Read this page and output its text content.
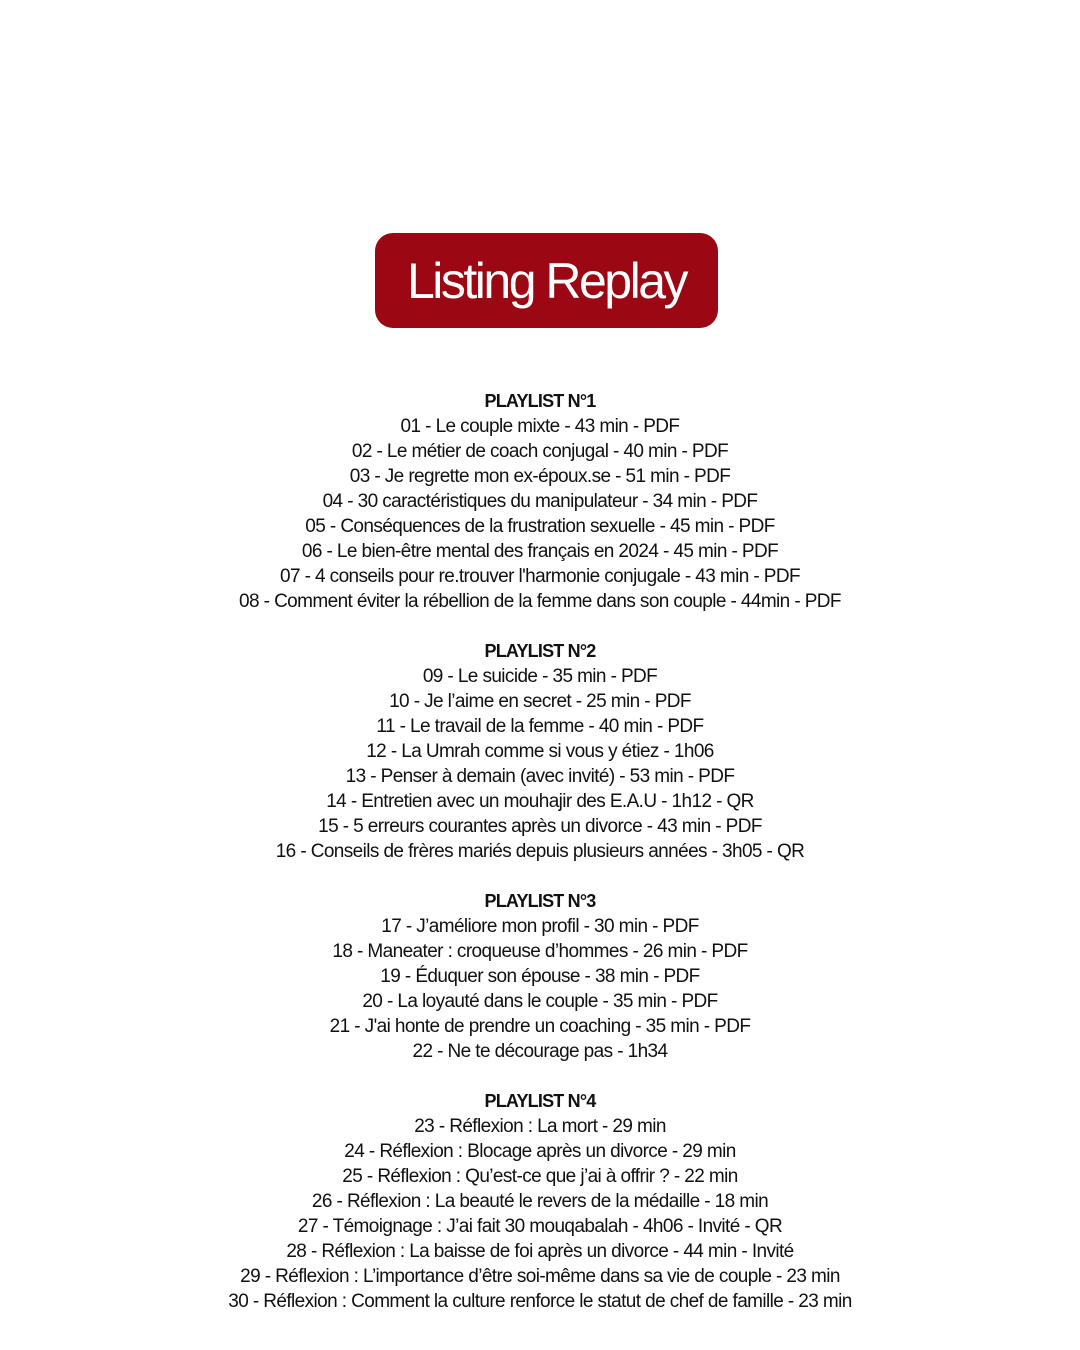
Listing Replay
PLAYLIST N°1
01 - Le couple mixte - 43 min - PDF
02 - Le métier de coach conjugal - 40 min - PDF
03 - Je regrette mon ex-époux.se - 51 min - PDF
04 - 30 caractéristiques du manipulateur - 34 min - PDF
05 - Conséquences de la frustration sexuelle - 45 min - PDF
06 - Le bien-être mental des français en 2024 - 45 min - PDF
07 - 4 conseils pour re.trouver l'harmonie conjugale - 43 min - PDF
08 - Comment éviter la rébellion de la femme dans son couple - 44min - PDF
PLAYLIST N°2
09 - Le suicide - 35 min - PDF
10 - Je l’aime en secret - 25 min - PDF
11 - Le travail de la femme - 40 min - PDF
12 - La Umrah comme si vous y étiez - 1h06
13 - Penser à demain (avec invité) - 53 min - PDF
14 - Entretien avec un mouhajir des E.A.U - 1h12 - QR
15 - 5 erreurs courantes après un divorce - 43 min - PDF
16 - Conseils de frères mariés depuis plusieurs années - 3h05 - QR
PLAYLIST N°3
17 - J’améliore mon profil - 30 min - PDF
18 - Maneater : croqueuse d’hommes - 26 min - PDF
19 - Éduquer son épouse - 38 min - PDF
20 - La loyauté dans le couple - 35 min - PDF
21 - J'ai honte de prendre un coaching - 35 min - PDF
22 - Ne te décourage pas - 1h34
PLAYLIST N°4
23 - Réflexion : La mort - 29 min
24 - Réflexion : Blocage après un divorce - 29 min
25 - Réflexion : Qu’est-ce que j’ai à offrir ? - 22 min
26 - Réflexion : La beauté le revers de la médaille - 18 min
27 - Témoignage : J’ai fait 30 mouqabalah - 4h06 - Invité - QR
28 - Réflexion : La baisse de foi après un divorce - 44 min - Invité
29 - Réflexion : L’importance d’être soi-même dans sa vie de couple - 23 min
30 - Réflexion : Comment la culture renforce le statut de chef de famille - 23 min
